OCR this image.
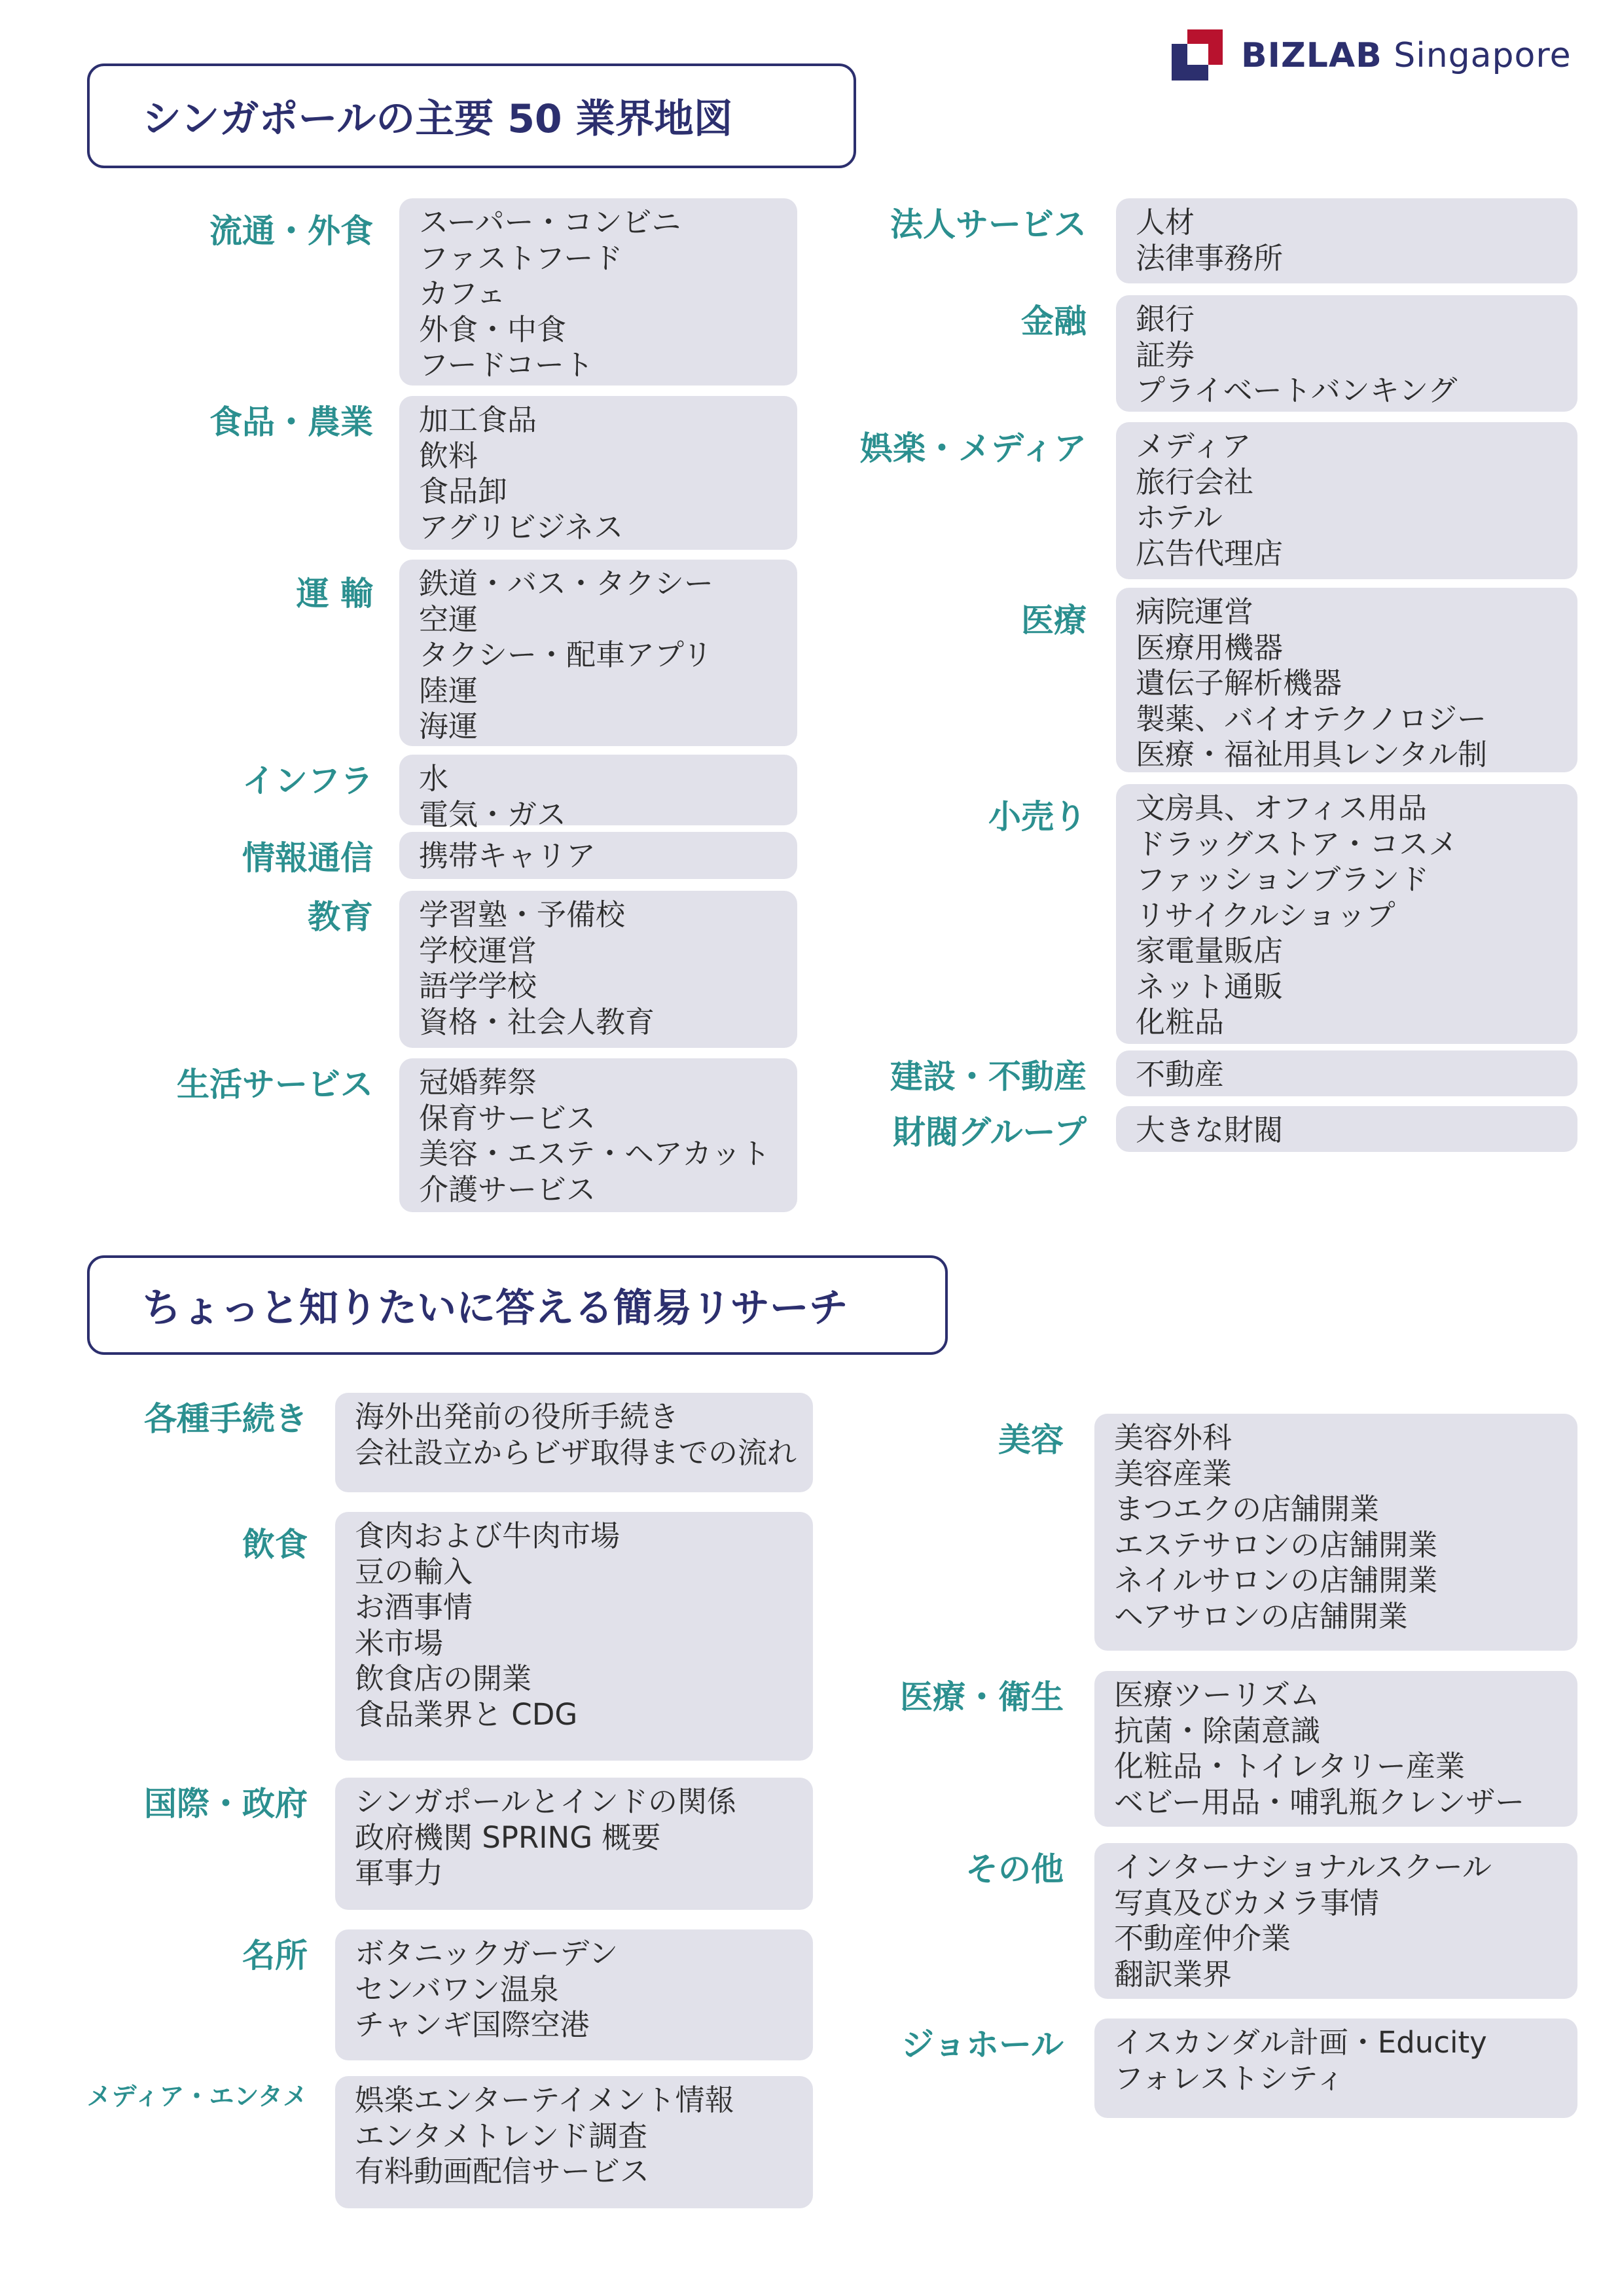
BIZLAB Singapore
シンガポールの主要 50 業界地図
ちょっと知りたいに答える簡易リサーチ
流通・外食 スーパー・コンビニ
ファストフード
カフェ
外食・中食
フードコート
食品・農業 加工食品
飲料
食品卸
アグリビジネス
運 輸 鉄道・バス・タクシー
空運
タクシー・配車アプリ
陸運
海運
インフラ 水
電気・ガス
情報通信 携帯キャリア
教育 学習塾・予備校
学校運営
語学学校
資格・社会人教育
生活サービス 冠婚葬祭
保育サービス
美容・エステ・ヘアカット
介護サービス
法人サービス 人材
法律事務所
金融 銀行
証券
プライベートバンキング
娯楽・メディア メディア
旅行会社
ホテル
広告代理店
医療 病院運営
医療用機器
遺伝子解析機器
製薬、バイオテクノロジー
医療・福祉用具レンタル制
小売り 文房具、オフィス用品
ドラッグストア・コスメ
ファッションブランド
リサイクルショップ
家電量販店
ネット通販
化粧品
建設・不動産 不動産
財閥グループ 大きな財閥
各種手続き 海外出発前の役所手続き
会社設立からビザ取得までの流れ
飲食 食肉および牛肉市場
豆の輸入
お酒事情
米市場
飲食店の開業
食品業界と CDG
国際・政府 シンガポールとインドの関係
政府機関 SPRING 概要
軍事力
名所 ボタニックガーデン
センバワン温泉
チャンギ国際空港
メディア・エンタメ 娯楽エンターテイメント情報
エンタメトレンド調査
有料動画配信サービス
美容 美容外科
美容産業
まつエクの店舗開業
エステサロンの店舗開業
ネイルサロンの店舗開業
ヘアサロンの店舗開業
医療・衛生 医療ツーリズム
抗菌・除菌意識
化粧品・トイレタリー産業
ベビー用品・哺乳瓶クレンザー
その他 インターナショナルスクール
写真及びカメラ事情
不動産仲介業
翻訳業界
ジョホール イスカンダル計画・Educity
フォレストシティ
